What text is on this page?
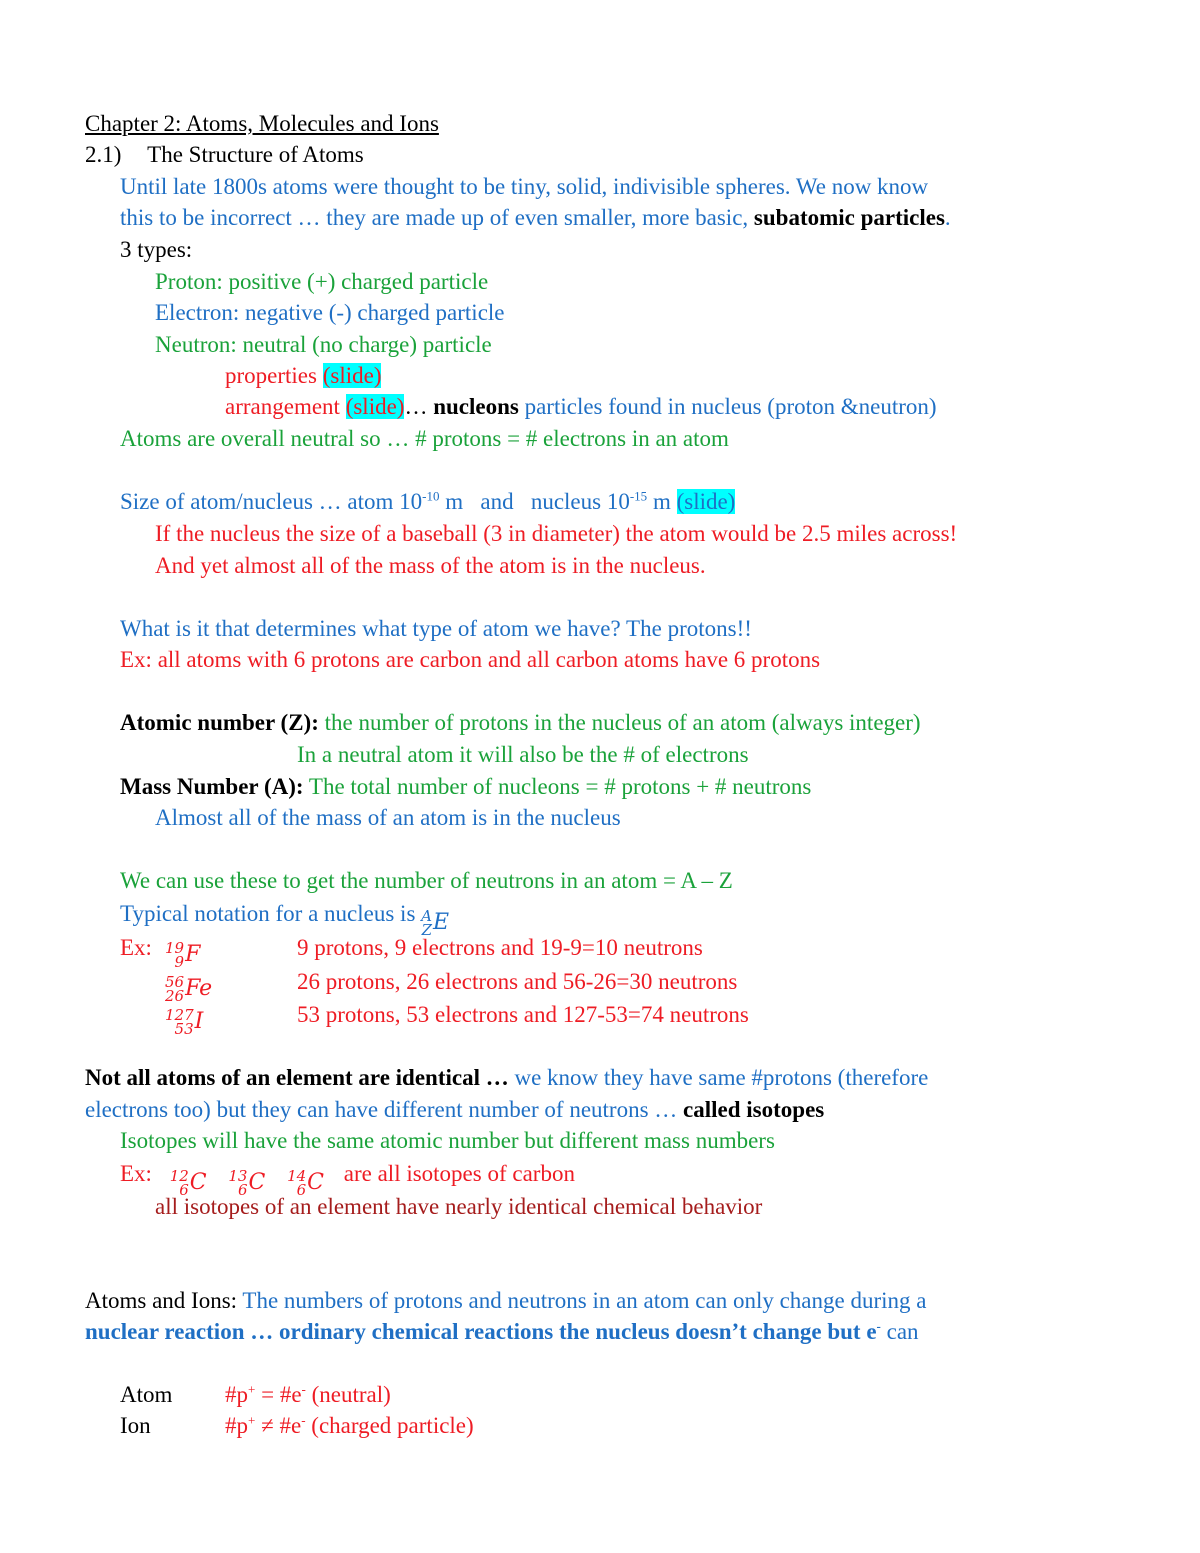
Chapter 2: Atoms, Molecules and Ions
2.1) The Structure of Atoms
Until late 1800s atoms were thought to be tiny, solid, indivisible spheres. We now know
this to be incorrect … they are made up of even smaller, more basic, subatomic particles.
3 types:
Proton: positive (+) charged particle
Electron: negative (-) charged particle
Neutron: neutral (no charge) particle
properties (slide)
arrangement (slide)… nucleons particles found in nucleus (proton &neutron)
Atoms are overall neutral so … # protons = # electrons in an atom
Size of atom/nucleus … atom $10^{-10}$ m   and   nucleus $10^{-15}$ m (slide)
If the nucleus the size of a baseball (3 in diameter) the atom would be 2.5 miles across!
And yet almost all of the mass of the atom is in the nucleus.
What is it that determines what type of atom we have? The protons!!
Ex: all atoms with 6 protons are carbon and all carbon atoms have 6 protons
Atomic number (Z): the number of protons in the nucleus of an atom (always integer)
In a neutral atom it will also be the # of electrons
Mass Number (A): The total number of nucleons = # protons + # neutrons
Almost all of the mass of an atom is in the nucleus
We can use these to get the number of neutrons in an atom = A – Z
Typical notation for a nucleus is A
Z E
Ex: 19
9 F	9 protons, 9 electrons and 19-9=10 neutrons
56
26 Fe	26 protons, 26 electrons and 56-26=30 neutrons
127
53 I	53 protons, 53 electrons and 127-53=74 neutrons
Not all atoms of an element are identical … we know they have same #protons (therefore
electrons too) but they can have different number of neutrons … called isotopes
Isotopes will have the same atomic number but different mass numbers
Ex: 12
6 C
13
6 C
14
6 C are all isotopes of carbon
all isotopes of an element have nearly identical chemical behavior
Atoms and Ions: The numbers of protons and neutrons in an atom can only change during a
nuclear reaction … ordinary chemical reactions the nucleus doesn’t change but e- can
Atom #p+ = #e- (neutral)
Ion	#p+ ≠ #e- (charged particle)
